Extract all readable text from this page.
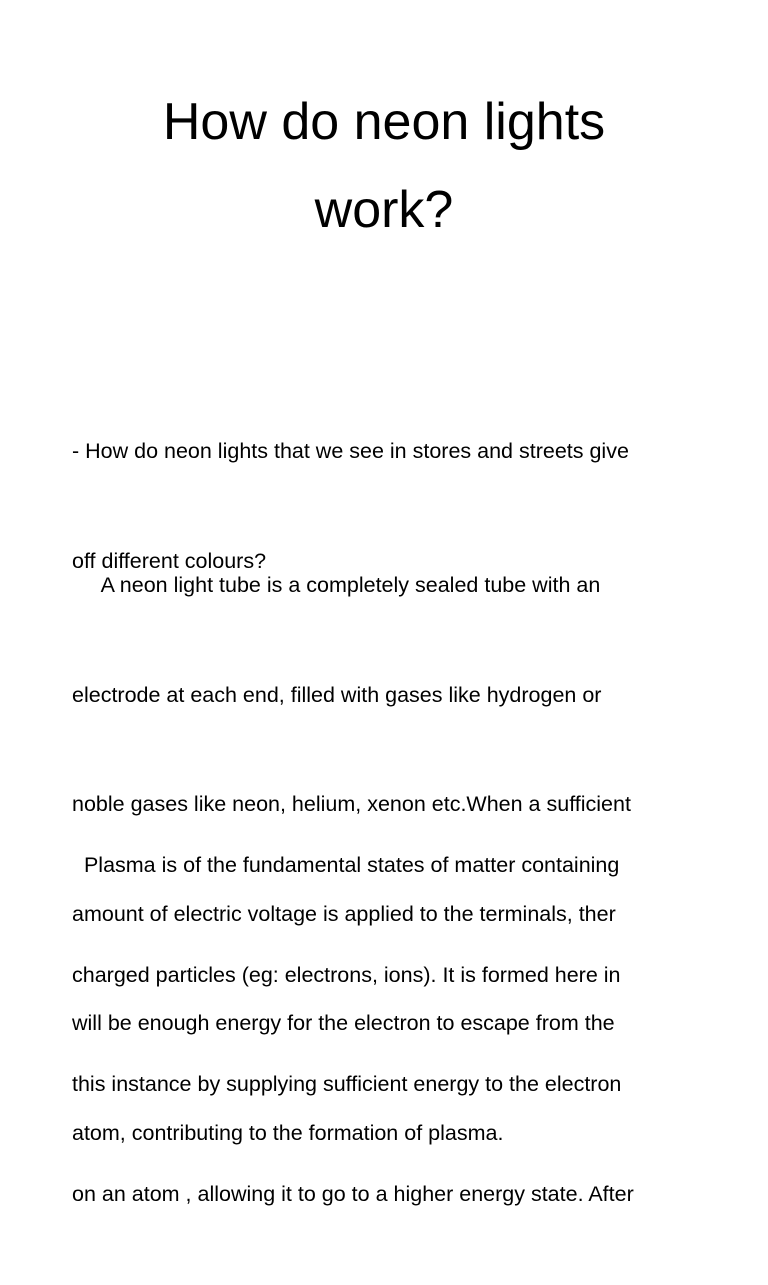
How do neon lights
work?

- How do neon lights that we see in stores and streets give

off different colours?

A neon light tube is a completely sealed tube with an

electrode at each end, filled with gases like hydrogen or

noble gases like neon, helium, xenon etc.When a sufficient

amount of electric voltage is applied to the terminals, ther

will be enough energy for the electron to escape from the

atom, contributing to the formation of plasma.

Plasma is of the fundamental states of matter containing

charged particles (eg: electrons, ions). It is formed here in

this instance by supplying sufficient energy to the electron

on an atom , allowing it to go to a higher energy state. After
